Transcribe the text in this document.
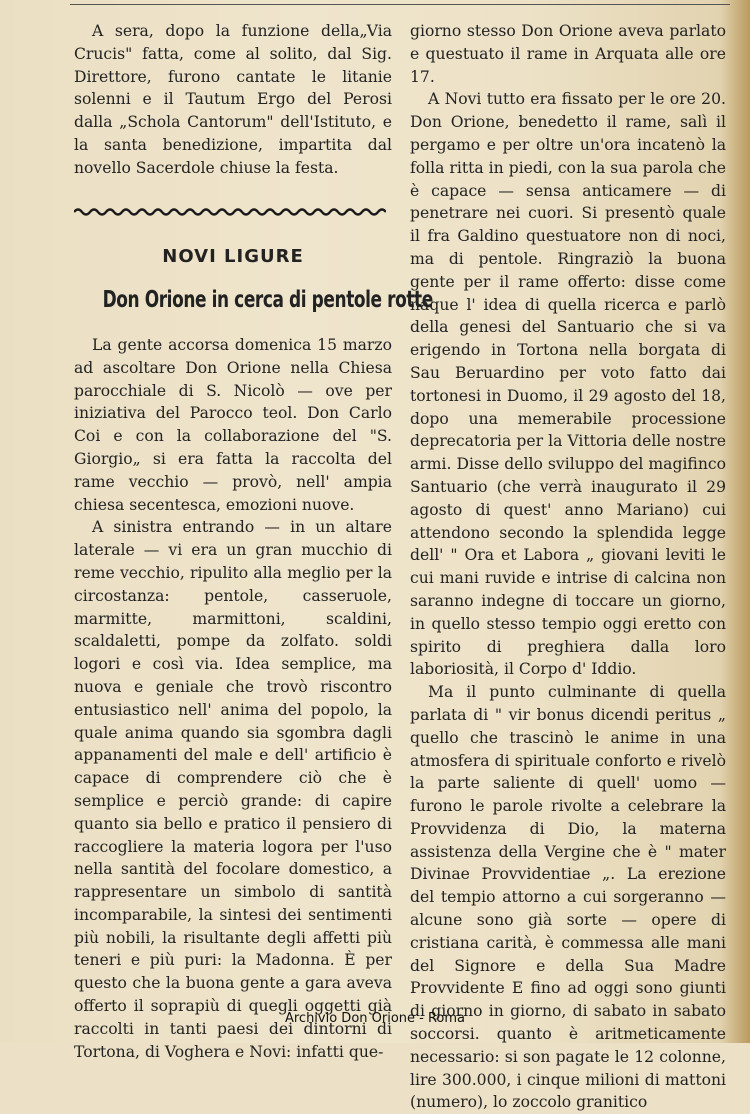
A sera, dopo la funzione della„Via Crucis" fatta, come al solito, dal Sig. Direttore, furono cantate le litanie solenni e il Tautum Ergo del Perosi dalla „Schola Cantorum" dell'Istituto, e la santa benedizione, impartita dal novello Sacerdole chiuse la festa.

NOVI LIGURE
Don Orione in cerca di pentole rotte

La gente accorsa domenica 15 marzo ad ascoltare Don Orione nella Chiesa parocchiale di S. Nicolò — ove per iniziativa del Parocco teol. Don Carlo Coi e con la collaborazione del "S. Giorgio„ si era fatta la raccolta del rame vecchio — provò, nell' ampia chiesa secentesca, emozioni nuove.

A sinistra entrando — in un altare laterale — vi era un gran mucchio di reme vecchio, ripulito alla meglio per la circostanza: pentole, casseruole, marmitte, marmittoni, scaldini, scaldaletti, pompe da zolfato. soldi logori e così via. Idea semplice, ma nuova e geniale che trovò riscontro entusiastico nell' anima del popolo, la quale anima quando sia sgombra dagli appanamenti del male e dell' artificio è capace di comprendere ciò che è semplice e perciò grande: di capire quanto sia bello e pratico il pensiero di raccogliere la materia logora per l'uso nella santità del focolare domestico, a rappresentare un simbolo di santità incomparabile, la sintesi dei sentimenti più nobili, la risultante degli affetti più teneri e più puri: la Madonna. È per questo che la buona gente a gara aveva offerto il soprapiù di quegli oggetti già raccolti in tanti paesi dei dintorni di Tortona, di Voghera e Novi: infatti que-

giorno stesso Don Orione aveva parlato e questuato il rame in Arquata alle ore 17.

A Novi tutto era fissato per le ore 20. Don Orione, benedetto il rame, salì il pergamo e per oltre un'ora incatenò la folla ritta in piedi, con la sua parola che è capace — sensa anticamere — di penetrare nei cuori. Si presentò quale il fra Galdino questuatore non di noci, ma di pentole. Ringraziò la buona gente per il rame offerto: disse come naque l' idea di quella ricerca e parlò della genesi del Santuario che si va erigendo in Tortona nella borgata di Sau Beruardino per voto fatto dai tortonesi in Duomo, il 29 agosto del 18, dopo una memerabile processione deprecatoria per la Vittoria delle nostre armi. Disse dello sviluppo del magifinco Santuario (che verrà inaugurato il 29 agosto di quest' anno Mariano) cui attendono secondo la splendida legge dell' " Ora et Labora „ giovani leviti le cui mani ruvide e intrise di calcina non saranno indegne di toccare un giorno, in quello stesso tempio oggi eretto con spirito di preghiera dalla loro laboriosità, il Corpo d' Iddio.

Ma il punto culminante di quella parlata di " vir bonus dicendi peritus „ quello che trascinò le anime in una atmosfera di spirituale conforto e rivelò la parte saliente di quell' uomo — furono le parole rivolte a celebrare la Provvidenza di Dio, la materna assistenza della Vergine che è " mater Divinae Provvidentiae „. La erezione del tempio attorno a cui sorgeranno — alcune sono già sorte — opere di cristiana carità, è commessa alle mani del Signore e della Sua Madre Provvidente E fino ad oggi sono giunti di giorno in giorno, di sabato in sabato soccorsi. quanto è aritmeticamente necessario: si son pagate le 12 colonne, lire 300.000, i cinque milioni di mattoni (numero), lo zoccolo granitico

Archivio Don Orione - Roma
